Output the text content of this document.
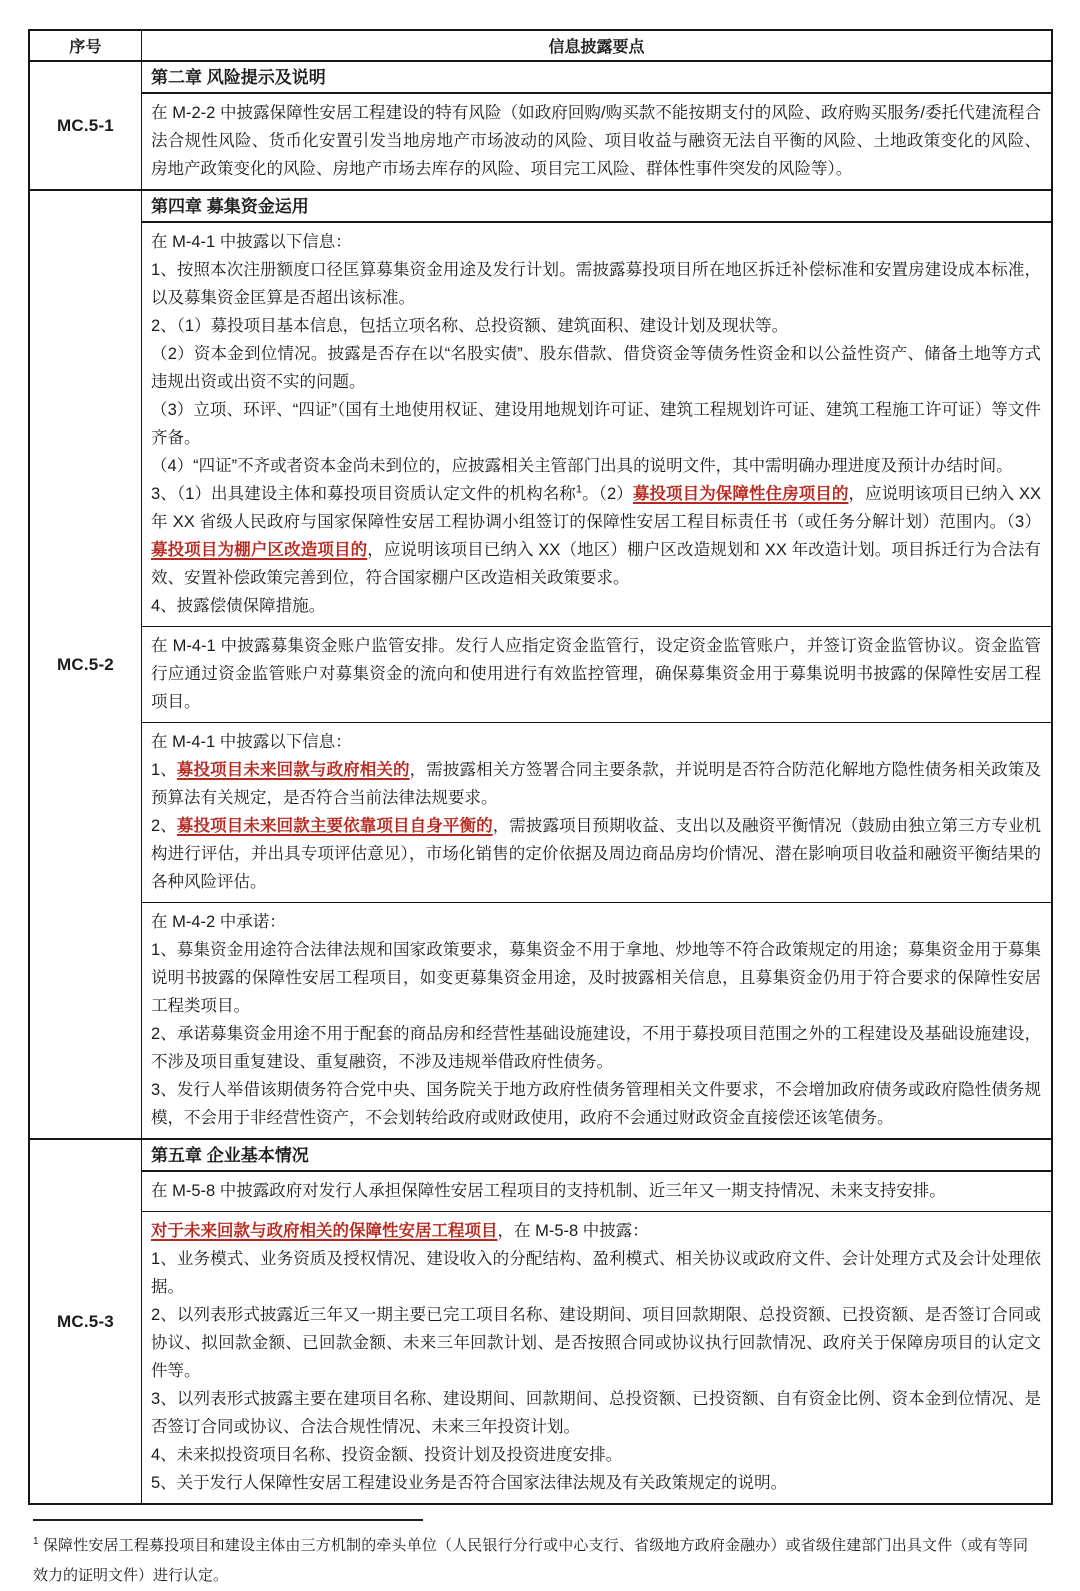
序号	信息披露要点
MC.5-1
第二章 风险提示及说明

在 M-2-2 中披露保障性安居工程建设的特有风险（如政府回购/购买款不能按期支付的风险、政府购买服务/委托代建流程合法合规性风险、货币化安置引发当地房地产市场波动的风险、项目收益与融资无法自平衡的风险、土地政策变化的风险、房地产政策变化的风险、房地产市场去库存的风险、项目完工风险、群体性事件突发的风险等）。

MC.5-2
第四章 募集资金运用

在 M-4-1 中披露以下信息：

1、按照本次注册额度口径匡算募集资金用途及发行计划。需披露募投项目所在地区拆迁补偿标准和安置房建设成本标准，以及募集资金匡算是否超出该标准。

2、（1）募投项目基本信息，包括立项名称、总投资额、建筑面积、建设计划及现状等。

（2）资本金到位情况。披露是否存在以“名股实债”、股东借款、借贷资金等债务性资金和以公益性资产、储备土地等方式违规出资或出资不实的问题。

（3）立项、环评、“四证”（国有土地使用权证、建设用地规划许可证、建筑工程规划许可证、建筑工程施工许可证）等文件齐备。

（4）“四证”不齐或者资本金尚未到位的，应披露相关主管部门出具的说明文件，其中需明确办理进度及预计办结时间。

3、（1）出具建设主体和募投项目资质认定文件的机构名称$^1$。（2）募投项目为保障性住房项目的，应说明该项目已纳入 XX 年 XX 省级人民政府与国家保障性安居工程协调小组签订的保障性安居工程目标责任书（或任务分解计划）范围内。（3）募投项目为棚户区改造项目的，应说明该项目已纳入 XX（地区）棚户区改造规划和 XX 年改造计划。项目拆迁行为合法有效、安置补偿政策完善到位，符合国家棚户区改造相关政策要求。

4、披露偿债保障措施。

在 M-4-1 中披露募集资金账户监管安排。发行人应指定资金监管行，设定资金监管账户，并签订资金监管协议。资金监管行应通过资金监管账户对募集资金的流向和使用进行有效监控管理，确保募集资金用于募集说明书披露的保障性安居工程项目。

在 M-4-1 中披露以下信息：

1、募投项目未来回款与政府相关的，需披露相关方签署合同主要条款，并说明是否符合防范化解地方隐性债务相关政策及预算法有关规定，是否符合当前法律法规要求。

2、募投项目未来回款主要依靠项目自身平衡的，需披露项目预期收益、支出以及融资平衡情况（鼓励由独立第三方专业机构进行评估，并出具专项评估意见），市场化销售的定价依据及周边商品房均价情况、潜在影响项目收益和融资平衡结果的各种风险评估。

在 M-4-2 中承诺：

1、募集资金用途符合法律法规和国家政策要求，募集资金不用于拿地、炒地等不符合政策规定的用途；募集资金用于募集说明书披露的保障性安居工程项目，如变更募集资金用途，及时披露相关信息，且募集资金仍用于符合要求的保障性安居工程类项目。

2、承诺募集资金用途不用于配套的商品房和经营性基础设施建设，不用于募投项目范围之外的工程建设及基础设施建设，不涉及项目重复建设、重复融资，不涉及违规举借政府性债务。

3、发行人举借该期债务符合党中央、国务院关于地方政府性债务管理相关文件要求，不会增加政府债务或政府隐性债务规模，不会用于非经营性资产，不会划转给政府或财政使用，政府不会通过财政资金直接偿还该笔债务。

MC.5-3
第五章 企业基本情况

在 M-5-8 中披露政府对发行人承担保障性安居工程项目的支持机制、近三年又一期支持情况、未来支持安排。

对于未来回款与政府相关的保障性安居工程项目，在 M-5-8 中披露：

1、业务模式、业务资质及授权情况、建设收入的分配结构、盈利模式、相关协议或政府文件、会计处理方式及会计处理依据。

2、以列表形式披露近三年又一期主要已完工项目名称、建设期间、项目回款期限、总投资额、已投资额、是否签订合同或协议、拟回款金额、已回款金额、未来三年回款计划、是否按照合同或协议执行回款情况、政府关于保障房项目的认定文件等。

3、以列表形式披露主要在建项目名称、建设期间、回款期间、总投资额、已投资额、自有资金比例、资本金到位情况、是否签订合同或协议、合法合规性情况、未来三年投资计划。

4、未来拟投资项目名称、投资金额、投资计划及投资进度安排。

5、关于发行人保障性安居工程建设业务是否符合国家法律法规及有关政策规定的说明。

$^1$ 保障性安居工程募投项目和建设主体由三方机制的牵头单位（人民银行分行或中心支行、省级地方政府金融办）或省级住建部门出具文件（或有等同效力的证明文件）进行认定。
